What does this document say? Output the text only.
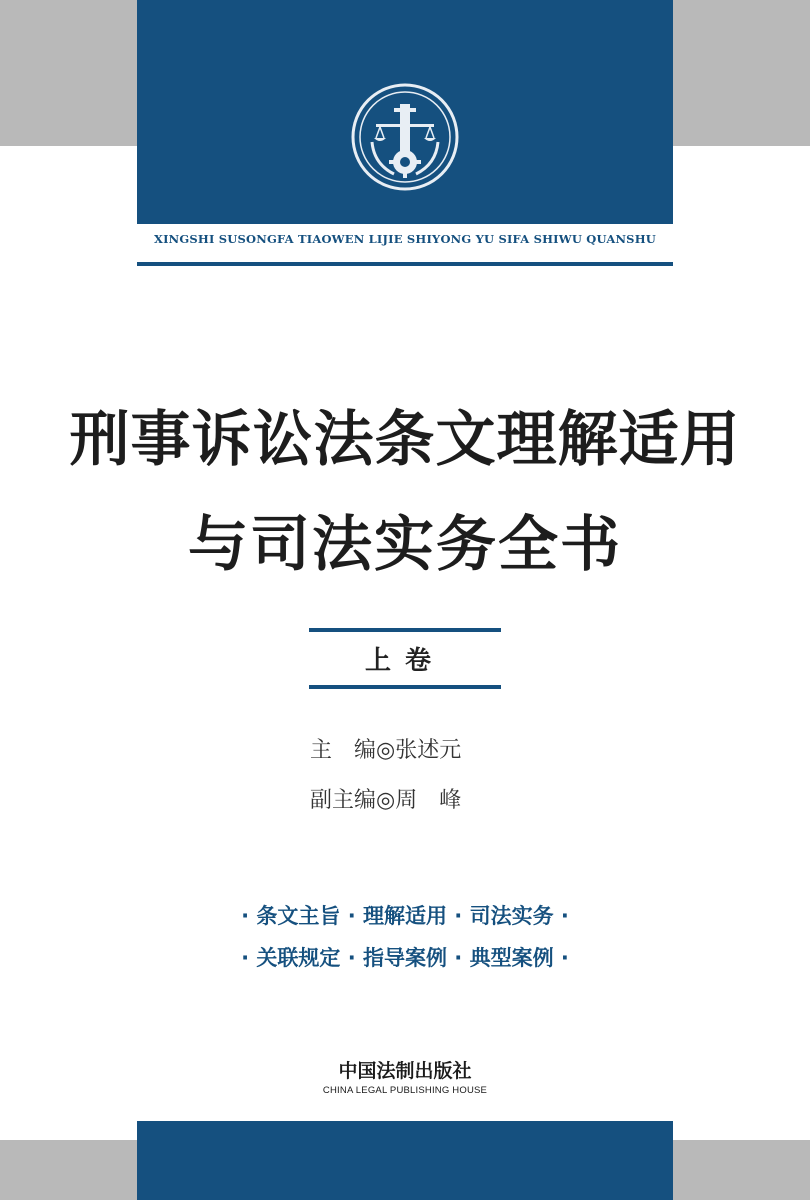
XINGSHI SUSONGFA TIAOWEN LIJIE SHIYONG YU SIFA SHIWU QUANSHU
刑事诉讼法条文理解适用
与司法实务全书
上卷
主　编◎张述元
副主编◎周　峰
· 条文主旨 · 理解适用 · 司法实务 ·
· 关联规定 · 指导案例 · 典型案例 ·
中国法制出版社
CHINA LEGAL PUBLISHING HOUSE
